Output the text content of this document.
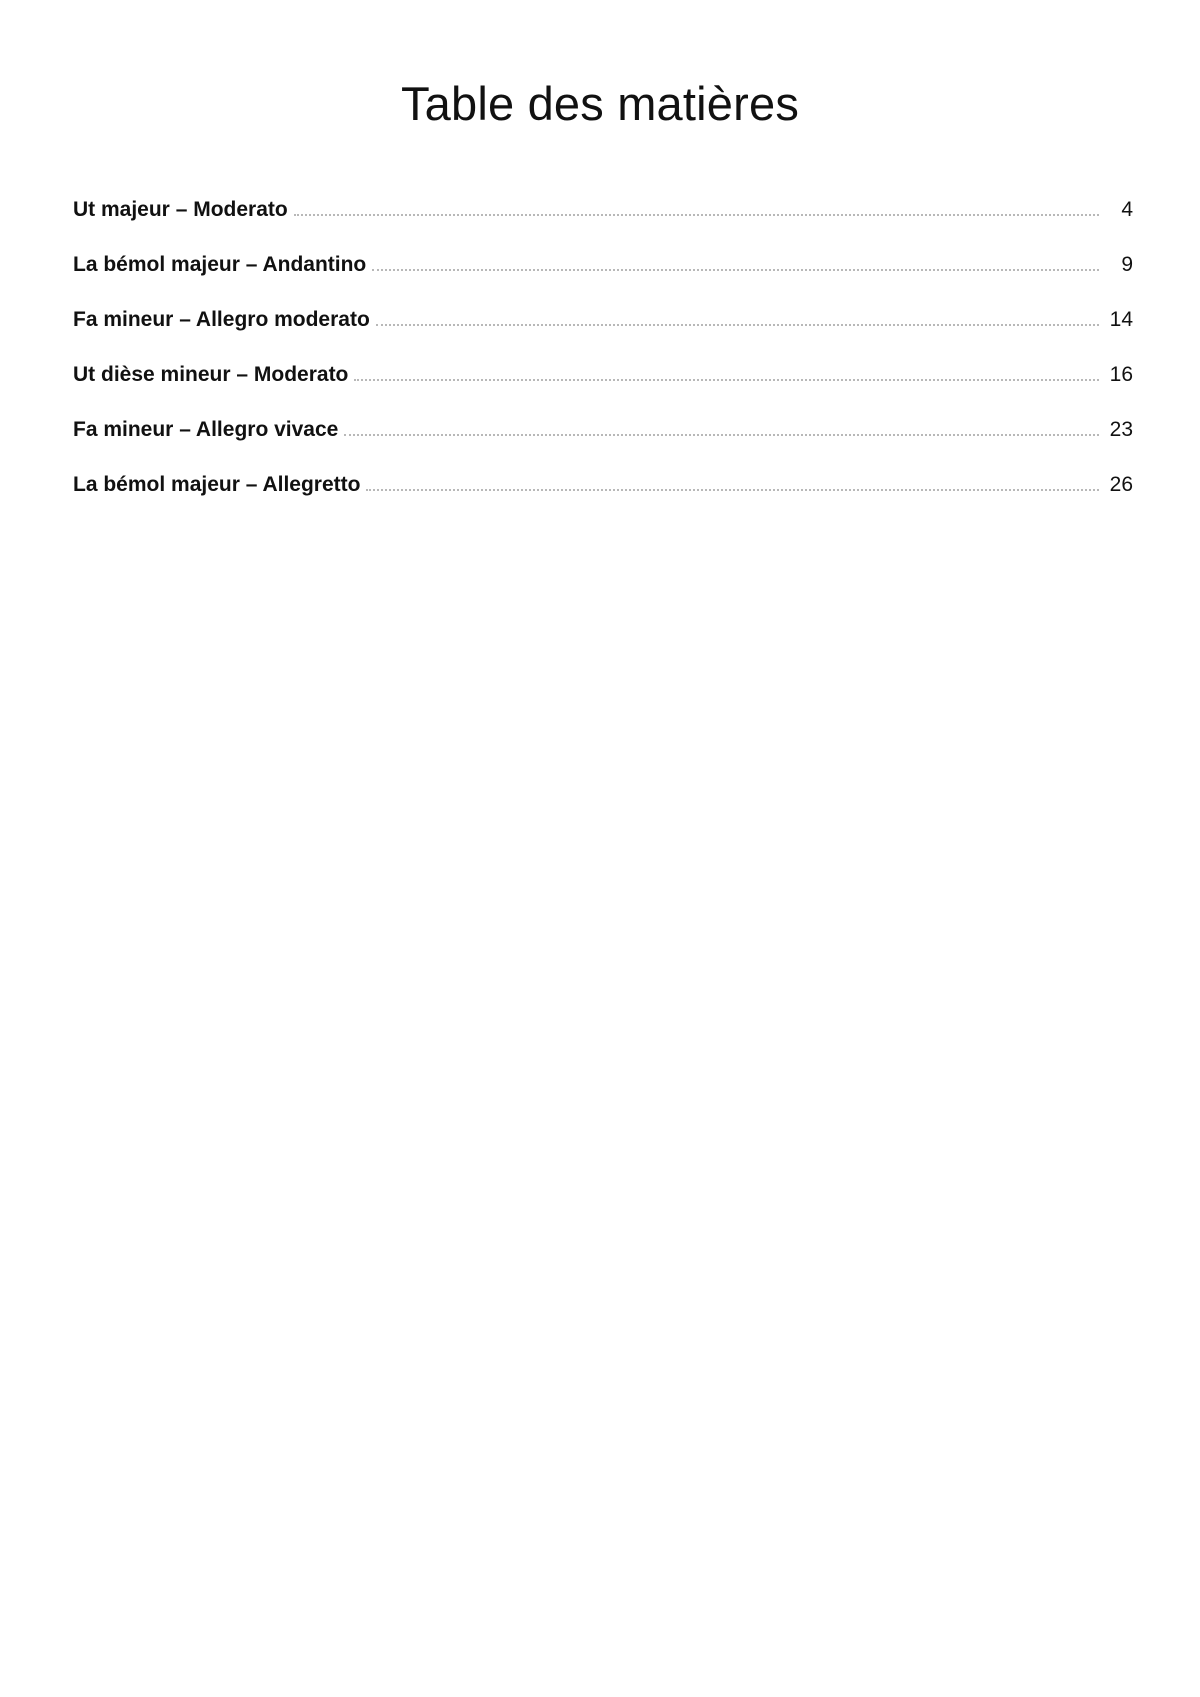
Table des matières
Ut majeur – Moderato	4
La bémol majeur – Andantino	9
Fa mineur – Allegro moderato	14
Ut dièse mineur – Moderato	16
Fa mineur – Allegro vivace	23
La bémol majeur – Allegretto	26
